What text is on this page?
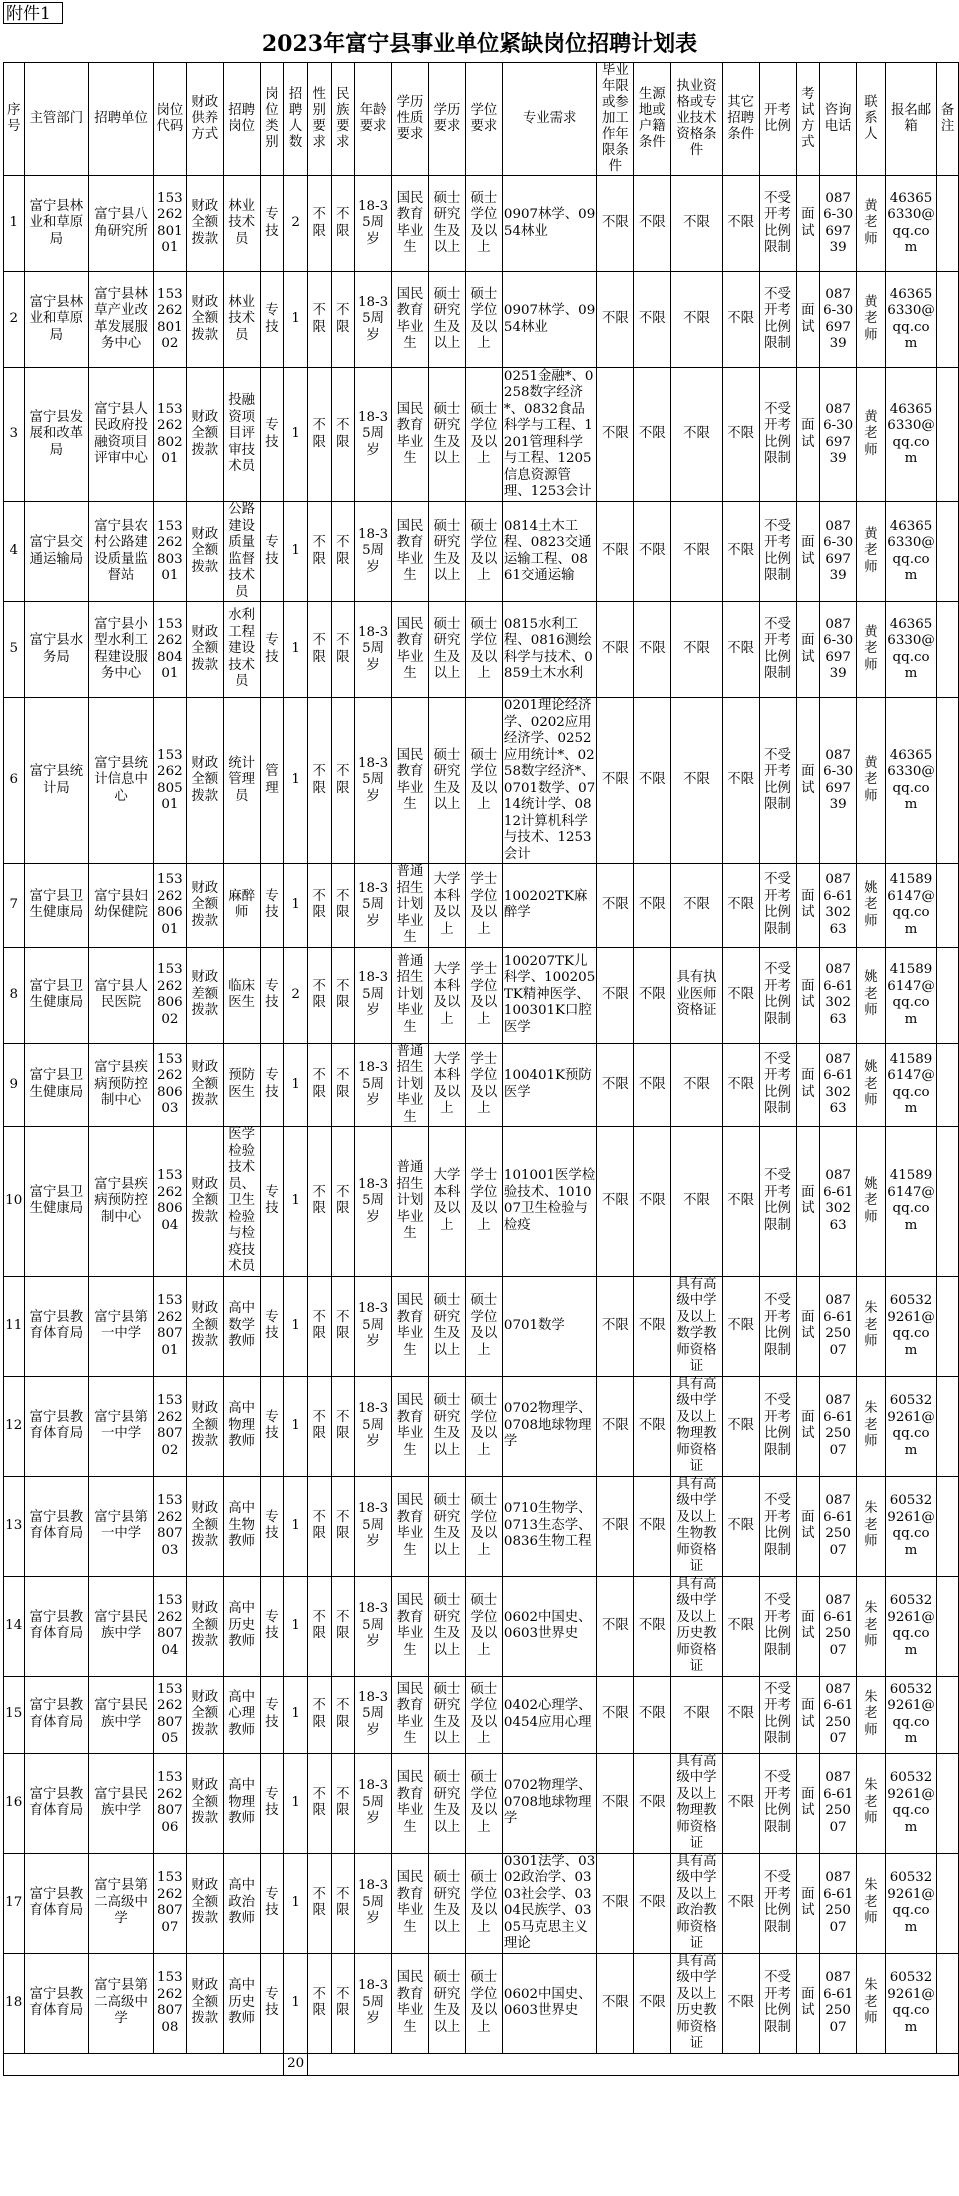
附件1
2023年富宁县事业单位紧缺岗位招聘计划表
序号	主管部门	招聘单位	岗位代码	财政供养方式	招聘岗位	岗位类别	招聘人数	性别要求	民族要求	年龄要求	学历性质要求	学历要求	学位要求	专业需求	毕业年限或参加工作年限条件	生源地或户籍条件	执业资格或专业技术资格条件	其它招聘条件	开考比例	考试方式	咨询电话	联系人	报名邮箱	备注
1	富宁县林业和草原局	富宁县八角研究所	15326280101	财政全额拨款	林业技术员	专技	2	不限	不限	18-35周岁	国民教育毕业生	硕士研究生及以上	硕士学位及以上	0907林学、0954林业	不限	不限	不限	不限	不受开考比例限制	面试	0876-3069739	黄老师	463656330@qq.com	
2	富宁县林业和草原局	富宁县林草产业改革发展服务中心	15326280102	财政全额拨款	林业技术员	专技	1	不限	不限	18-35周岁	国民教育毕业生	硕士研究生及以上	硕士学位及以上	0907林学、0954林业	不限	不限	不限	不限	不受开考比例限制	面试	0876-3069739	黄老师	463656330@qq.com	
3	富宁县发展和改革局	富宁县人民政府投融资项目评审中心	15326280201	财政全额拨款	投融资项目评审技术员	专技	1	不限	不限	18-35周岁	国民教育毕业生	硕士研究生及以上	硕士学位及以上	0251金融*、0258数字经济*、0832食品科学与工程、1201管理科学与工程、1205信息资源管理、1253会计	不限	不限	不限	不限	不受开考比例限制	面试	0876-3069739	黄老师	463656330@qq.com	
4	富宁县交通运输局	富宁县农村公路建设质量监督站	15326280301	财政全额拨款	公路建设质量监督技术员	专技	1	不限	不限	18-35周岁	国民教育毕业生	硕士研究生及以上	硕士学位及以上	0814土木工程、0823交通运输工程、0861交通运输	不限	不限	不限	不限	不受开考比例限制	面试	0876-3069739	黄老师	463656330@qq.com	
5	富宁县水务局	富宁县小型水利工程建设服务中心	15326280401	财政全额拨款	水利工程建设技术员	专技	1	不限	不限	18-35周岁	国民教育毕业生	硕士研究生及以上	硕士学位及以上	0815水利工程、0816测绘科学与技术、0859土木水利	不限	不限	不限	不限	不受开考比例限制	面试	0876-3069739	黄老师	463656330@qq.com	
6	富宁县统计局	富宁县统计信息中心	15326280501	财政全额拨款	统计管理员	管理	1	不限	不限	18-35周岁	国民教育毕业生	硕士研究生及以上	硕士学位及以上	0201理论经济学、0202应用经济学、0252应用统计*、0258数字经济*、0701数学、0714统计学、0812计算机科学与技术、1253会计	不限	不限	不限	不限	不受开考比例限制	面试	0876-3069739	黄老师	463656330@qq.com	
7	富宁县卫生健康局	富宁县妇幼保健院	15326280601	财政全额拨款	麻醉师	专技	1	不限	不限	18-35周岁	普通招生计划毕业生	大学本科及以上	学士学位及以上	100202TK麻醉学	不限	不限	不限	不限	不受开考比例限制	面试	0876-6130263	姚老师	415896147@qq.com	
8	富宁县卫生健康局	富宁县人民医院	15326280602	财政差额拨款	临床医生	专技	2	不限	不限	18-35周岁	普通招生计划毕业生	大学本科及以上	学士学位及以上	100207TK儿科学、100205TK精神医学、100301K口腔医学	不限	不限	具有执业医师资格证	不限	不受开考比例限制	面试	0876-6130263	姚老师	415896147@qq.com	
9	富宁县卫生健康局	富宁县疾病预防控制中心	15326280603	财政全额拨款	预防医生	专技	1	不限	不限	18-35周岁	普通招生计划毕业生	大学本科及以上	学士学位及以上	100401K预防医学	不限	不限	不限	不限	不受开考比例限制	面试	0876-6130263	姚老师	415896147@qq.com	
10	富宁县卫生健康局	富宁县疾病预防控制中心	15326280604	财政全额拨款	医学检验技术员、卫生检验与检疫技术员	专技	1	不限	不限	18-35周岁	普通招生计划毕业生	大学本科及以上	学士学位及以上	101001医学检验技术、101007卫生检验与检疫	不限	不限	不限	不限	不受开考比例限制	面试	0876-6130263	姚老师	415896147@qq.com	
11	富宁县教育体育局	富宁县第一中学	15326280701	财政全额拨款	高中数学教师	专技	1	不限	不限	18-35周岁	国民教育毕业生	硕士研究生及以上	硕士学位及以上	0701数学	不限	不限	具有高级中学及以上数学教师资格证	不限	不受开考比例限制	面试	0876-6125007	朱老师	605329261@qq.com	
12	富宁县教育体育局	富宁县第一中学	15326280702	财政全额拨款	高中物理教师	专技	1	不限	不限	18-35周岁	国民教育毕业生	硕士研究生及以上	硕士学位及以上	0702物理学、0708地球物理学	不限	不限	具有高级中学及以上物理教师资格证	不限	不受开考比例限制	面试	0876-6125007	朱老师	605329261@qq.com	
13	富宁县教育体育局	富宁县第一中学	15326280703	财政全额拨款	高中生物教师	专技	1	不限	不限	18-35周岁	国民教育毕业生	硕士研究生及以上	硕士学位及以上	0710生物学、0713生态学、0836生物工程	不限	不限	具有高级中学及以上生物教师资格证	不限	不受开考比例限制	面试	0876-6125007	朱老师	605329261@qq.com	
14	富宁县教育体育局	富宁县民族中学	15326280704	财政全额拨款	高中历史教师	专技	1	不限	不限	18-35周岁	国民教育毕业生	硕士研究生及以上	硕士学位及以上	0602中国史、0603世界史	不限	不限	具有高级中学及以上历史教师资格证	不限	不受开考比例限制	面试	0876-6125007	朱老师	605329261@qq.com	
15	富宁县教育体育局	富宁县民族中学	15326280705	财政全额拨款	高中心理教师	专技	1	不限	不限	18-35周岁	国民教育毕业生	硕士研究生及以上	硕士学位及以上	0402心理学、0454应用心理	不限	不限	不限	不限	不受开考比例限制	面试	0876-6125007	朱老师	605329261@qq.com	
16	富宁县教育体育局	富宁县民族中学	15326280706	财政全额拨款	高中物理教师	专技	1	不限	不限	18-35周岁	国民教育毕业生	硕士研究生及以上	硕士学位及以上	0702物理学、0708地球物理学	不限	不限	具有高级中学及以上物理教师资格证	不限	不受开考比例限制	面试	0876-6125007	朱老师	605329261@qq.com	
17	富宁县教育体育局	富宁县第二高级中学	15326280707	财政全额拨款	高中政治教师	专技	1	不限	不限	18-35周岁	国民教育毕业生	硕士研究生及以上	硕士学位及以上	0301法学、0302政治学、0303社会学、0304民族学、0305马克思主义理论	不限	不限	具有高级中学及以上政治教师资格证	不限	不受开考比例限制	面试	0876-6125007	朱老师	605329261@qq.com	
18	富宁县教育体育局	富宁县第二高级中学	15326280708	财政全额拨款	高中历史教师	专技	1	不限	不限	18-35周岁	国民教育毕业生	硕士研究生及以上	硕士学位及以上	0602中国史、0603世界史	不限	不限	具有高级中学及以上历史教师资格证	不限	不受开考比例限制	面试	0876-6125007	朱老师	605329261@qq.com	
							20																	
